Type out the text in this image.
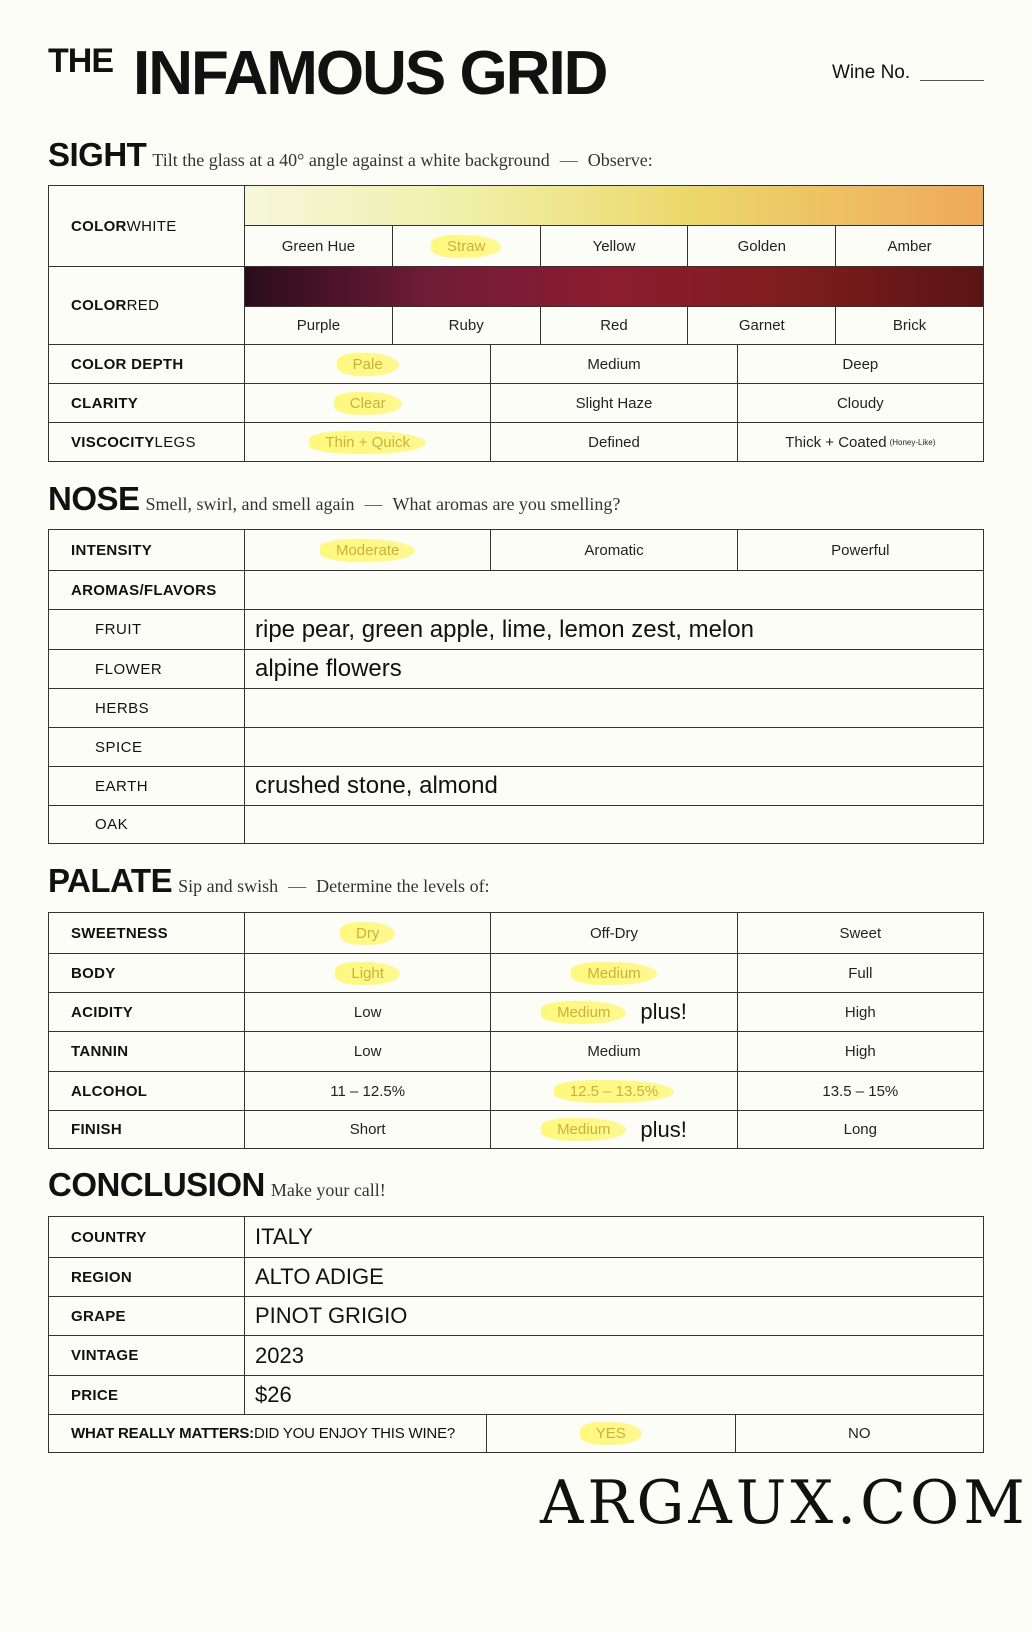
THE INFAMOUS GRID	Wine No.
SIGHT Tilt the glass at a 40° angle against a white background — Observe:
COLOR WHITE
Green Hue	Straw	Yellow	Golden	Amber
COLOR RED
Purple	Ruby	Red	Garnet	Brick
COLOR DEPTH	Pale	Medium	Deep
CLARITY	Clear	Slight Haze	Cloudy
VISCOCITY LEGS	Thin + Quick	Defined	Thick + Coated (Honey-Like)
NOSE Smell, swirl, and smell again — What aromas are you smelling?
INTENSITY	Moderate	Aromatic	Powerful
AROMAS/FLAVORS
FRUIT	ripe pear, green apple, lime, lemon zest, melon
FLOWER	alpine flowers
HERBS
SPICE
EARTH	crushed stone, almond
OAK
PALATE Sip and swish — Determine the levels of:
SWEETNESS	Dry	Off-Dry	Sweet
BODY	Light	Medium	Full
ACIDITY	Low	Medium	plus!	High
TANNIN	Low	Medium	High
ALCOHOL	11 – 12.5%	12.5 – 13.5%	13.5 – 15%
FINISH	Short	Medium	plus!	Long
CONCLUSION Make your call!
COUNTRY	ITALY
REGION	ALTO ADIGE
GRAPE	PINOT GRIGIO
VINTAGE	2023
PRICE	$26
WHAT REALLY MATTERS: DID YOU ENJOY THIS WINE?	YES	NO
ARGAUX.COM
